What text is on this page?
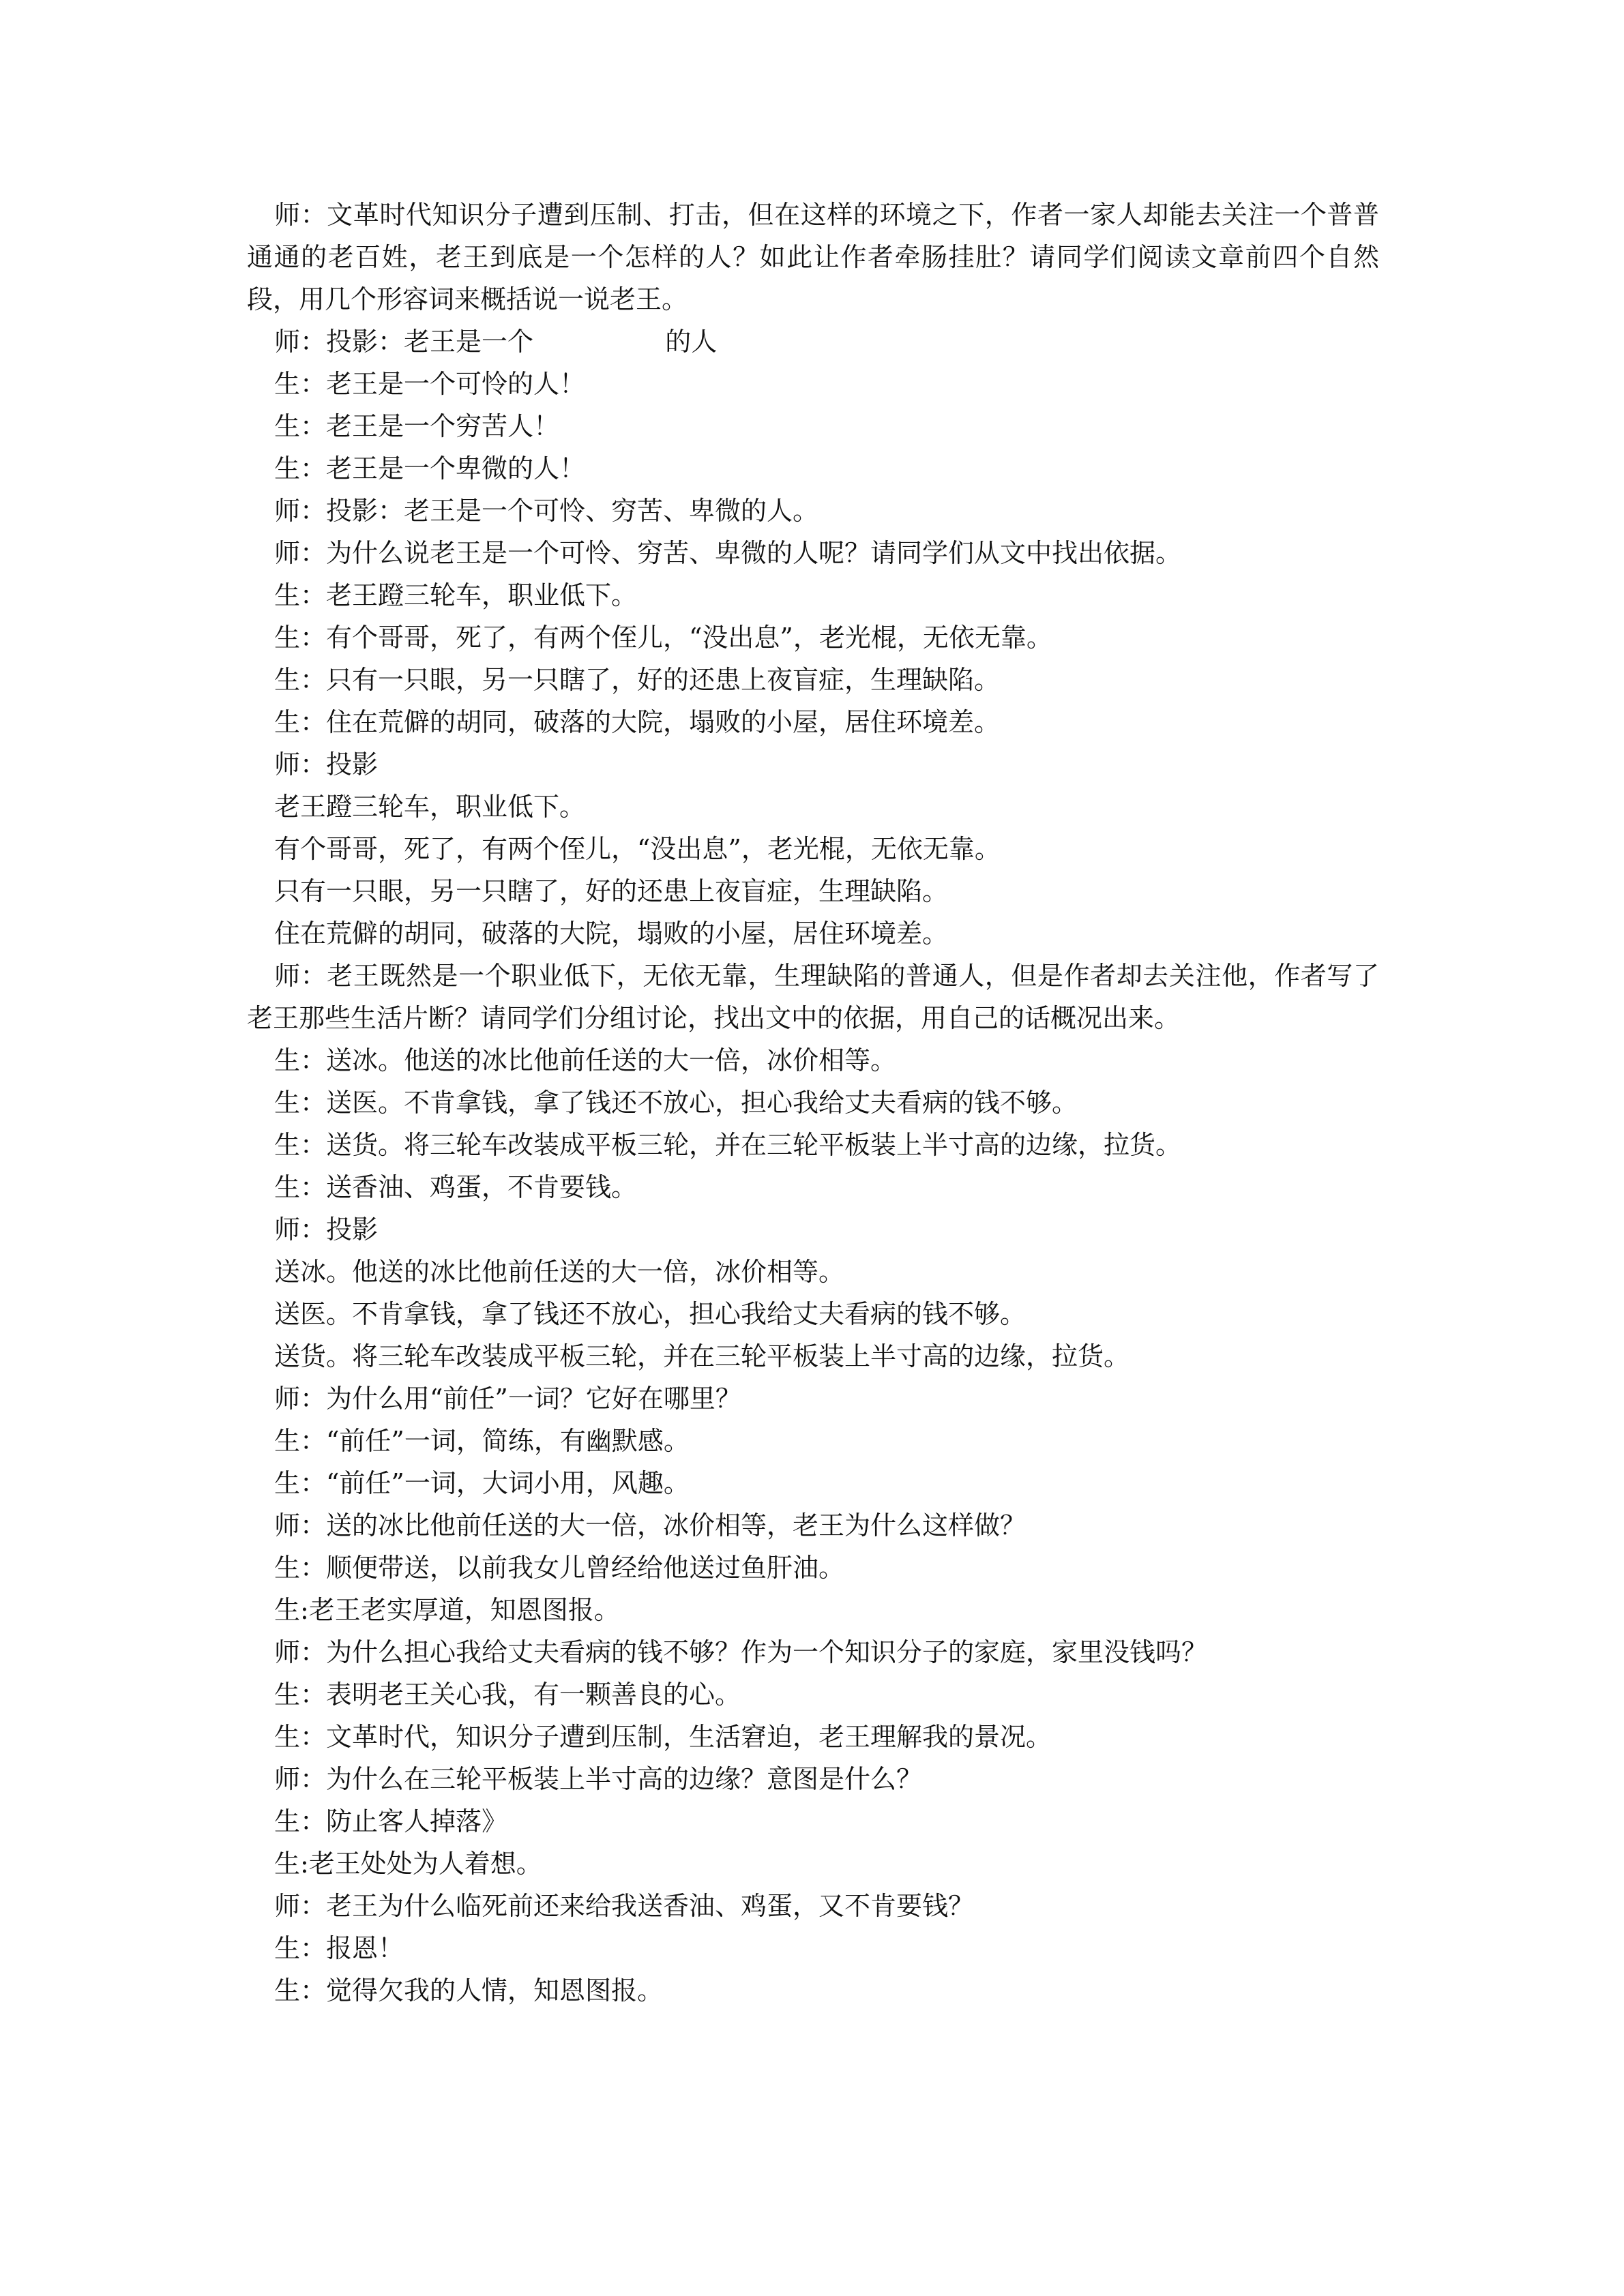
师：文革时代知识分子遭到压制、打击，但在这样的环境之下，作者一家人却能去关注一个普普通通的老百姓，老王到底是一个怎样的人？如此让作者牵肠挂肚？请同学们阅读文章前四个自然段，用几个形容词来概括说一说老王。

师：投影：老王是一个                的人

生：老王是一个可怜的人！

生：老王是一个穷苦人！

生：老王是一个卑微的人！

师：投影：老王是一个可怜、穷苦、卑微的人。

师：为什么说老王是一个可怜、穷苦、卑微的人呢？请同学们从文中找出依据。

生：老王蹬三轮车，职业低下。

生：有个哥哥，死了，有两个侄儿，“没出息”，老光棍，无依无靠。

生：只有一只眼，另一只瞎了，好的还患上夜盲症，生理缺陷。

生：住在荒僻的胡同，破落的大院，塌败的小屋，居住环境差。

师：投影

老王蹬三轮车，职业低下。

有个哥哥，死了，有两个侄儿，“没出息”，老光棍，无依无靠。

只有一只眼，另一只瞎了，好的还患上夜盲症，生理缺陷。

住在荒僻的胡同，破落的大院，塌败的小屋，居住环境差。

师：老王既然是一个职业低下，无依无靠，生理缺陷的普通人，但是作者却去关注他，作者写了老王那些生活片断？请同学们分组讨论，找出文中的依据，用自己的话概况出来。

生：送冰。他送的冰比他前任送的大一倍，冰价相等。

生：送医。不肯拿钱，拿了钱还不放心，担心我给丈夫看病的钱不够。

生：送货。将三轮车改装成平板三轮，并在三轮平板装上半寸高的边缘，拉货。

生：送香油、鸡蛋，不肯要钱。

师：投影

送冰。他送的冰比他前任送的大一倍，冰价相等。

送医。不肯拿钱，拿了钱还不放心，担心我给丈夫看病的钱不够。

送货。将三轮车改装成平板三轮，并在三轮平板装上半寸高的边缘，拉货。

师：为什么用“前任”一词？它好在哪里？

生：“前任”一词，简练，有幽默感。

生：“前任”一词，大词小用，风趣。

师：送的冰比他前任送的大一倍，冰价相等，老王为什么这样做？

生：顺便带送，以前我女儿曾经给他送过鱼肝油。

生:老王老实厚道，知恩图报。

师：为什么担心我给丈夫看病的钱不够？作为一个知识分子的家庭，家里没钱吗？

生：表明老王关心我，有一颗善良的心。

生：文革时代，知识分子遭到压制，生活窘迫，老王理解我的景况。

师：为什么在三轮平板装上半寸高的边缘？意图是什么？

生：防止客人掉落》

生:老王处处为人着想。

师：老王为什么临死前还来给我送香油、鸡蛋，又不肯要钱？

生：报恩！

生：觉得欠我的人情，知恩图报。
